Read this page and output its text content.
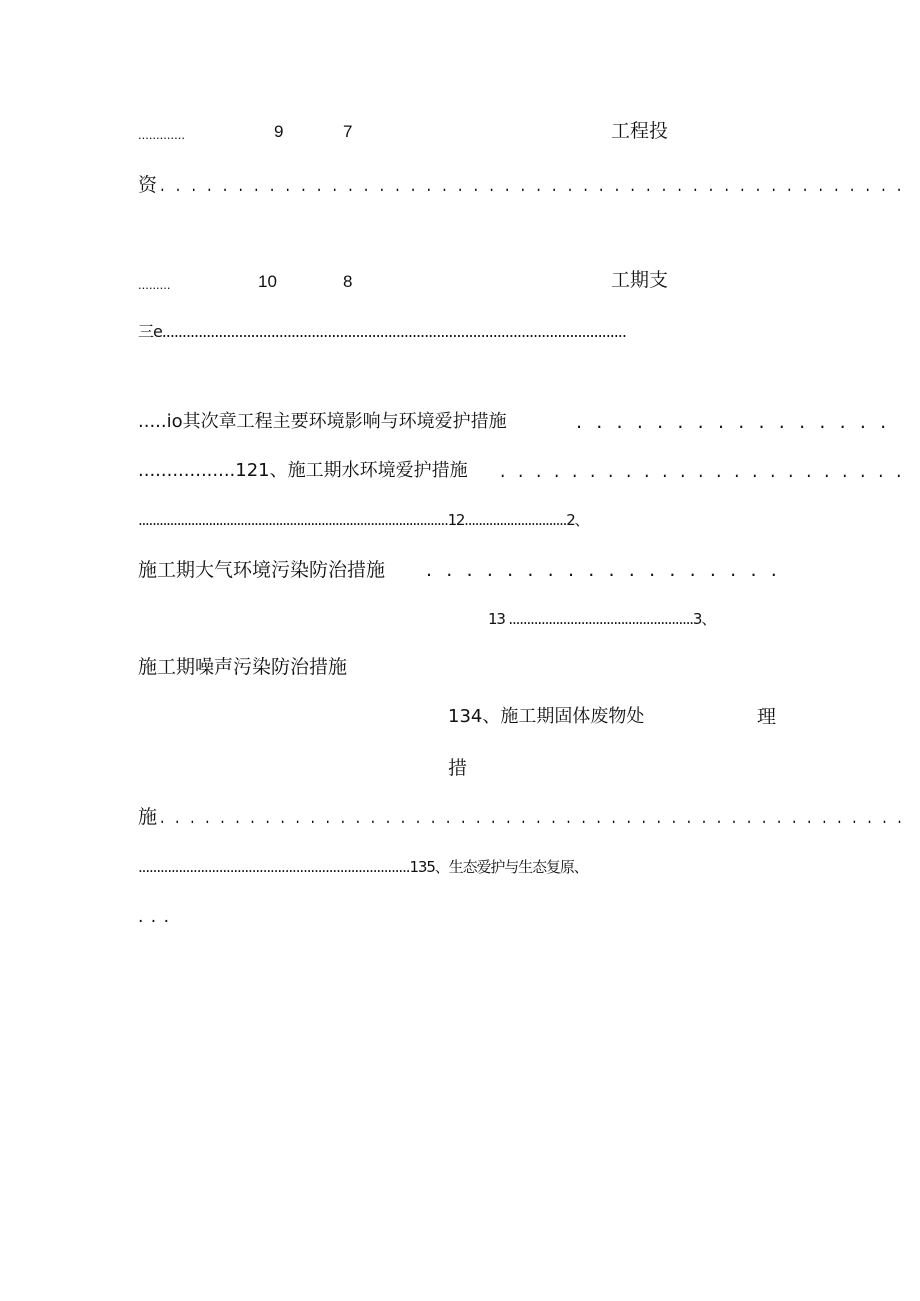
.............	9	7	工程投
资 . . . . . . . . . . . . . . . . . . . . . . . . . . . . . . . . . . . . . . . . . . . . . . . .
.........	10	8	工期支
三e...................................................................................................................
.....io其次章工程主要环境影响与环境爱护措施	. . . . . . . . . . . . . . . .
.................121、施工期水环境爱护措施 . . . . . . . . . . . . . . . . . . . . . . .
........................................................................................12.............................2、
施工期大气环境污染防治措施 . . . . . . . . . . . . . . . . . .
13 ...................................................3、
施工期噪声污染防治措施
134、施工期固体废物处	理
措
施 . . . . . . . . . . . . . . . . . . . . . . . . . . . . . . . . . . . . . . . . . . . . . . . . . .
..........................................................................135、生态爱护与生态复原、
. . .
